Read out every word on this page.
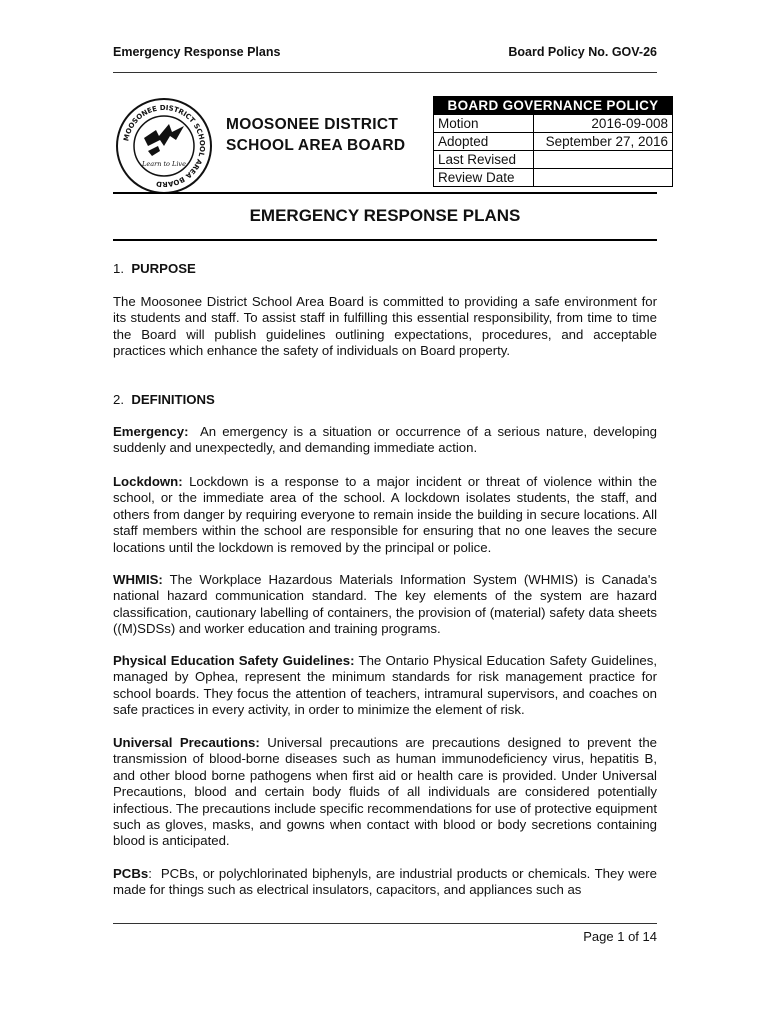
Emergency Response Plans	Board Policy No. GOV-26
MOOSONEE DISTRICT SCHOOL AREA BOARD
Learn to Live
MOOSONEE DISTRICT
SCHOOL AREA BOARD
BOARD GOVERNANCE POLICY	
Motion	2016-09-008
Adopted	September 27, 2016
Last Revised	
Review Date	
EMERGENCY RESPONSE PLANS
1. PURPOSE

The Moosonee District School Area Board is committed to providing a safe environment for its students and staff. To assist staff in fulfilling this essential responsibility, from time to time the Board will publish guidelines outlining expectations, procedures, and acceptable practices which enhance the safety of individuals on Board property.

2. DEFINITIONS

Emergency: An emergency is a situation or occurrence of a serious nature, developing suddenly and unexpectedly, and demanding immediate action.

Lockdown: Lockdown is a response to a major incident or threat of violence within the school, or the immediate area of the school. A lockdown isolates students, the staff, and others from danger by requiring everyone to remain inside the building in secure locations. All staff members within the school are responsible for ensuring that no one leaves the secure locations until the lockdown is removed by the principal or police.

WHMIS: The Workplace Hazardous Materials Information System (WHMIS) is Canada's national hazard communication standard. The key elements of the system are hazard classification, cautionary labelling of containers, the provision of (material) safety data sheets ((M)SDSs) and worker education and training programs.

Physical Education Safety Guidelines: The Ontario Physical Education Safety Guidelines, managed by Ophea, represent the minimum standards for risk management practice for school boards. They focus the attention of teachers, intramural supervisors, and coaches on safe practices in every activity, in order to minimize the element of risk.

Universal Precautions: Universal precautions are precautions designed to prevent the transmission of blood-borne diseases such as human immunodeficiency virus, hepatitis B, and other blood borne pathogens when first aid or health care is provided. Under Universal Precautions, blood and certain body fluids of all individuals are considered potentially infectious. The precautions include specific recommendations for use of protective equipment such as gloves, masks, and gowns when contact with blood or body secretions containing blood is anticipated.

PCBs:  PCBs, or polychlorinated biphenyls, are industrial products or chemicals. They were made for things such as electrical insulators, capacitors, and appliances such as

Page 1 of 14
